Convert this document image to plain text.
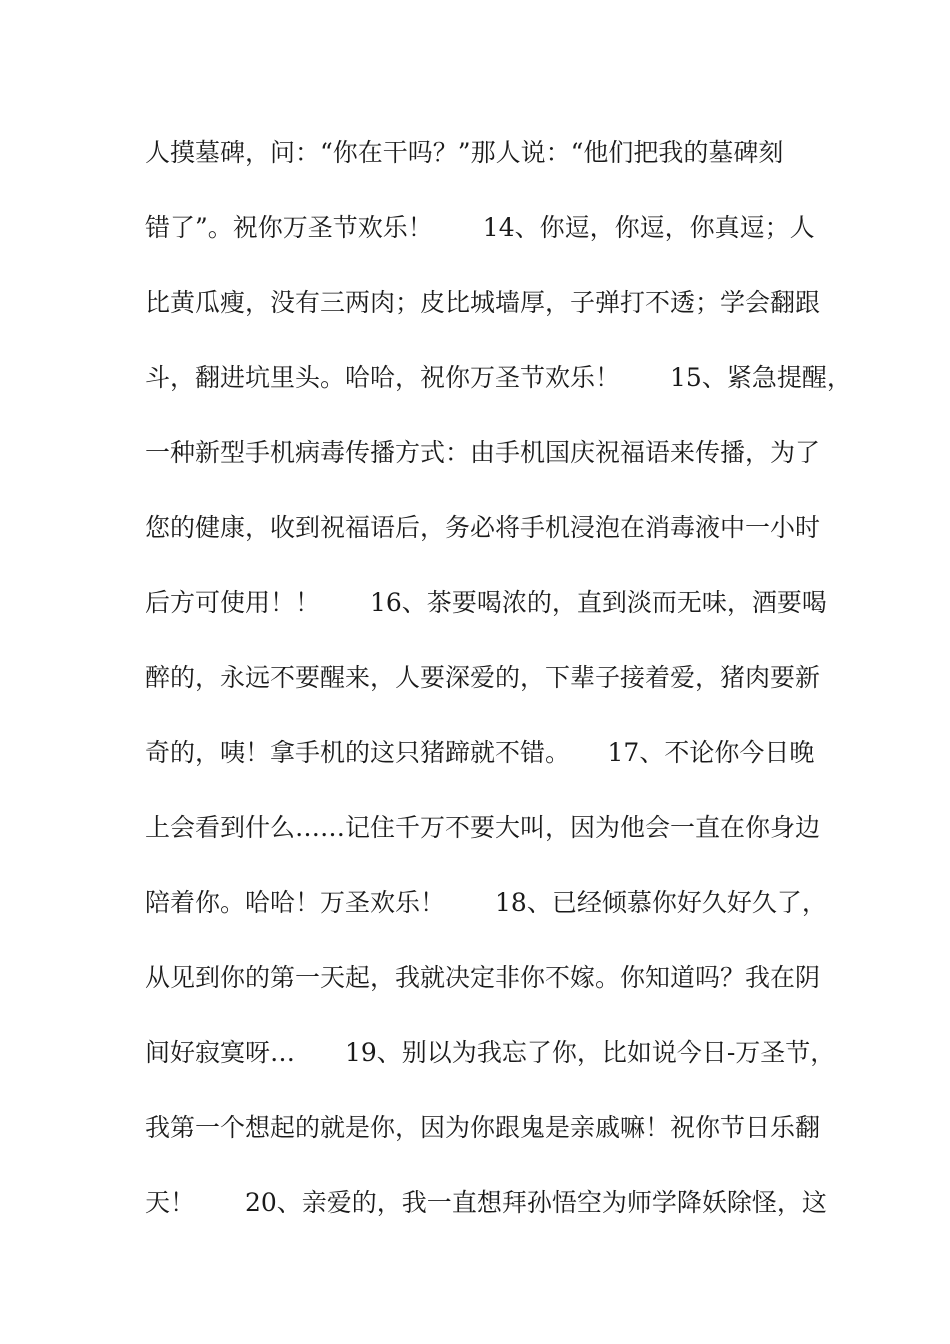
人摸墓碑，问：“你在干吗？”那人说：“他们把我的墓碑刻
错了”。祝你万圣节欢乐！　　14、你逗，你逗，你真逗；人
比黄瓜瘦，没有三两肉；皮比城墙厚，子弹打不透；学会翻跟
斗，翻进坑里头。哈哈，祝你万圣节欢乐！　　15、紧急提醒，
一种新型手机病毒传播方式：由手机国庆祝福语来传播，为了
您的健康，收到祝福语后，务必将手机浸泡在消毒液中一小时
后方可使用！！　　16、茶要喝浓的，直到淡而无味，酒要喝
醉的，永远不要醒来，人要深爱的，下辈子接着爱，猪肉要新
奇的，咦！拿手机的这只猪蹄就不错。　　17、不论你今日晚
上会看到什么……记住千万不要大叫，因为他会一直在你身边
陪着你。哈哈！万圣欢乐！　　18、已经倾慕你好久好久了，
从见到你的第一天起，我就决定非你不嫁。你知道吗？我在阴
间好寂寞呀…　　19、别以为我忘了你，比如说今日-万圣节，
我第一个想起的就是你，因为你跟鬼是亲戚嘛！祝你节日乐翻
天！　　20、亲爱的，我一直想拜孙悟空为师学降妖除怪，这
